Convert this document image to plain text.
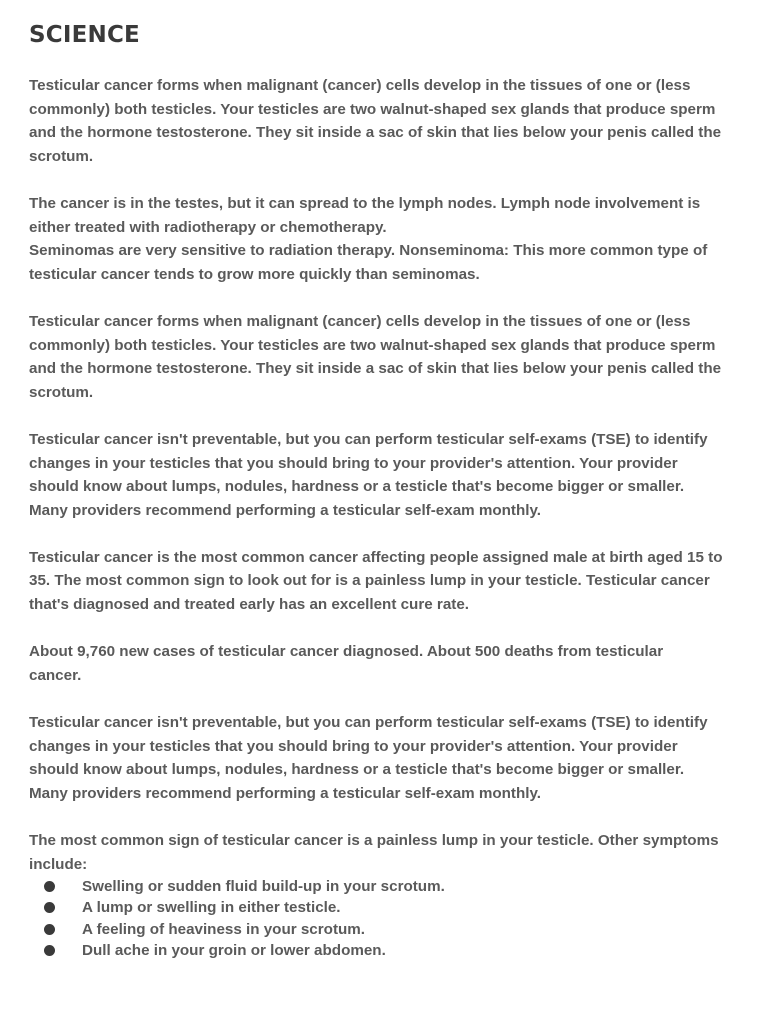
SCIENCE

Testicular cancer forms when malignant (cancer) cells develop in the tissues of one or (less
commonly) both testicles. Your testicles are two walnut-shaped sex glands that produce sperm
and the hormone testosterone. They sit inside a sac of skin that lies below your penis called the
scrotum.

The cancer is in the testes, but it can spread to the lymph nodes. Lymph node involvement is
either treated with radiotherapy or chemotherapy.
Seminomas are very sensitive to radiation therapy. Nonseminoma: This more common type of
testicular cancer tends to grow more quickly than seminomas.

Testicular cancer forms when malignant (cancer) cells develop in the tissues of one or (less
commonly) both testicles. Your testicles are two walnut-shaped sex glands that produce sperm
and the hormone testosterone. They sit inside a sac of skin that lies below your penis called the
scrotum.

Testicular cancer isn't preventable, but you can perform testicular self-exams (TSE) to identify
changes in your testicles that you should bring to your provider's attention. Your provider
should know about lumps, nodules, hardness or a testicle that's become bigger or smaller.
Many providers recommend performing a testicular self-exam monthly.

Testicular cancer is the most common cancer affecting people assigned male at birth aged 15 to
35. The most common sign to look out for is a painless lump in your testicle. Testicular cancer
that's diagnosed and treated early has an excellent cure rate.

About 9,760 new cases of testicular cancer diagnosed. About 500 deaths from testicular
cancer.

Testicular cancer isn't preventable, but you can perform testicular self-exams (TSE) to identify
changes in your testicles that you should bring to your provider's attention. Your provider
should know about lumps, nodules, hardness or a testicle that's become bigger or smaller.
Many providers recommend performing a testicular self-exam monthly.

The most common sign of testicular cancer is a painless lump in your testicle. Other symptoms
include:

Swelling or sudden fluid build-up in your scrotum.
A lump or swelling in either testicle.
A feeling of heaviness in your scrotum.
Dull ache in your groin or lower abdomen.
